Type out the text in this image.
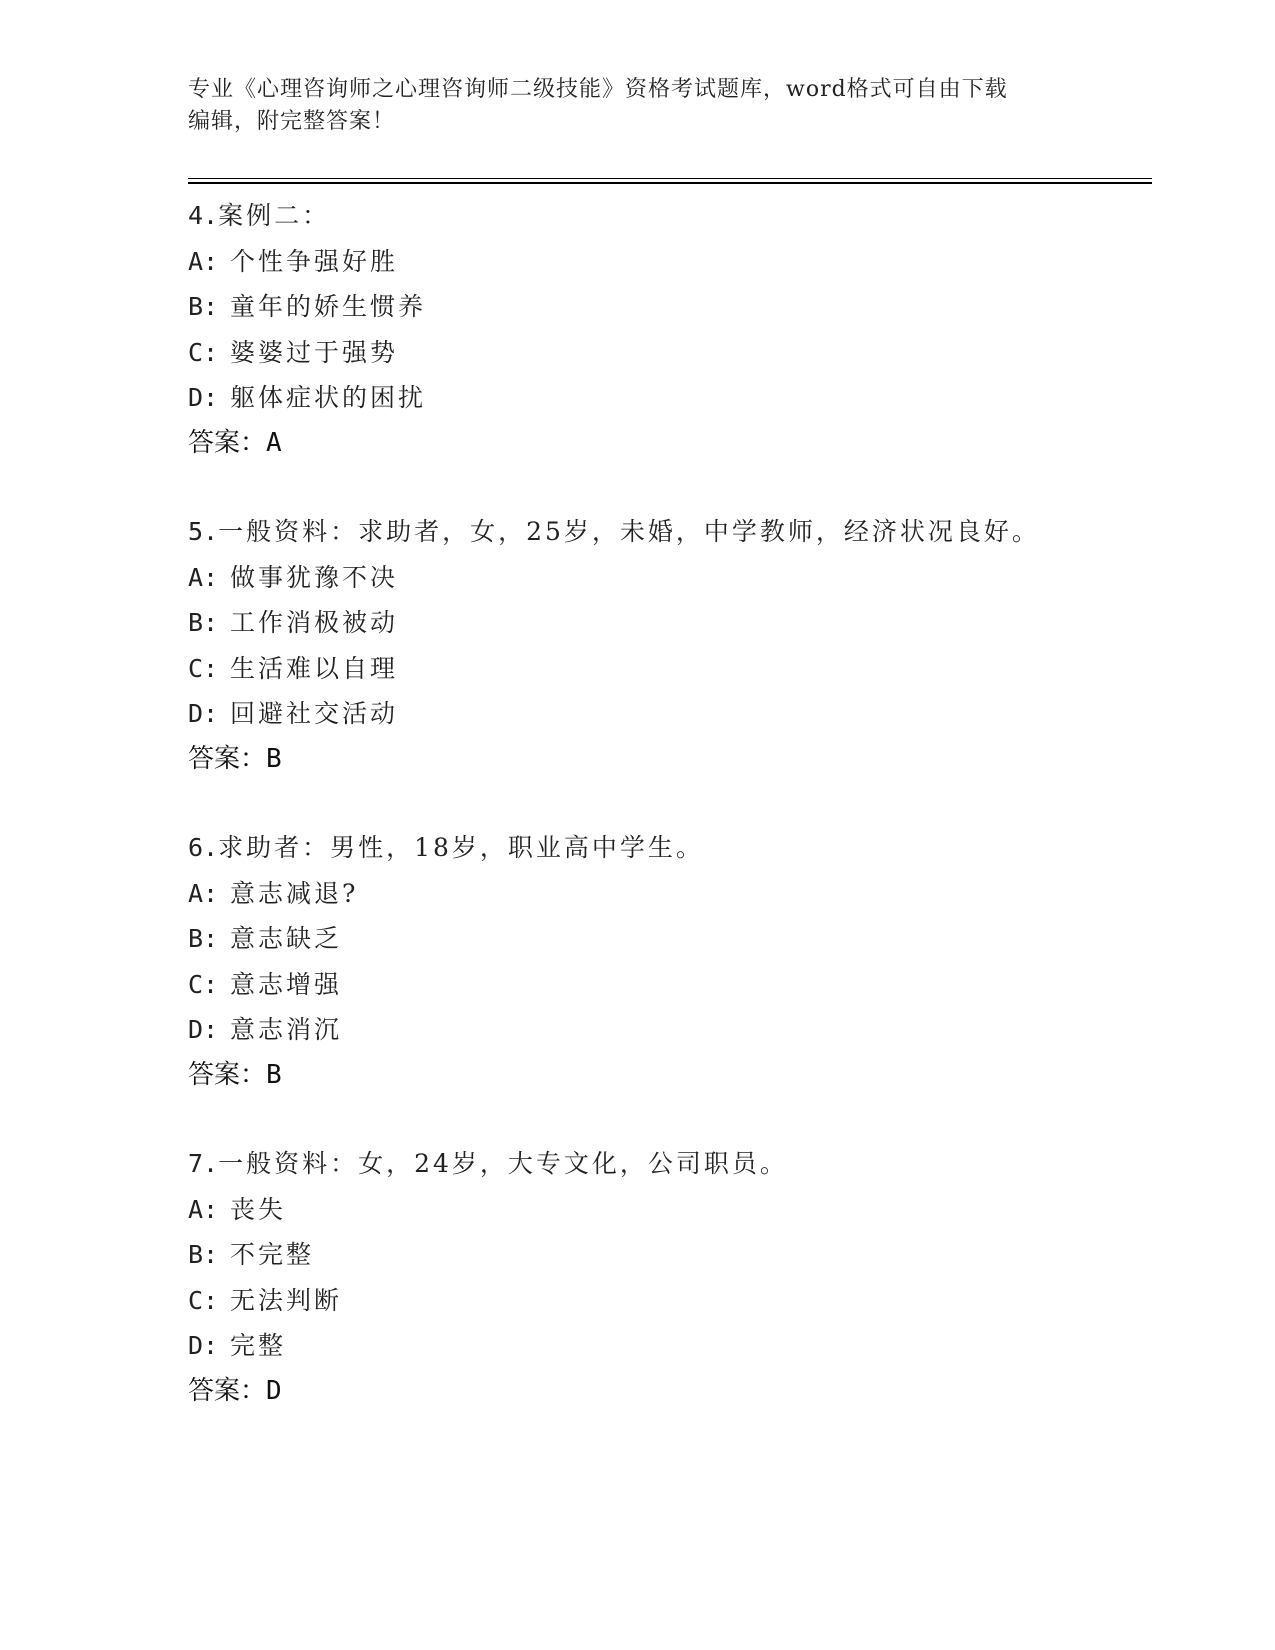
专业《心理咨询师之心理咨询师二级技能》资格考试题库，word格式可自由下载
编辑，附完整答案！
4.案例二：
A: 个性争强好胜
B: 童年的娇生惯养
C: 婆婆过于强势
D: 躯体症状的困扰
答案：A
5.一般资料：求助者，女，25岁，未婚，中学教师，经济状况良好。
A: 做事犹豫不决
B: 工作消极被动
C: 生活难以自理
D: 回避社交活动
答案：B
6.求助者：男性，18岁，职业高中学生。
A: 意志减退?
B: 意志缺乏
C: 意志增强
D: 意志消沉
答案：B
7.一般资料：女，24岁，大专文化，公司职员。
A: 丧失
B: 不完整
C: 无法判断
D: 完整
答案：D
